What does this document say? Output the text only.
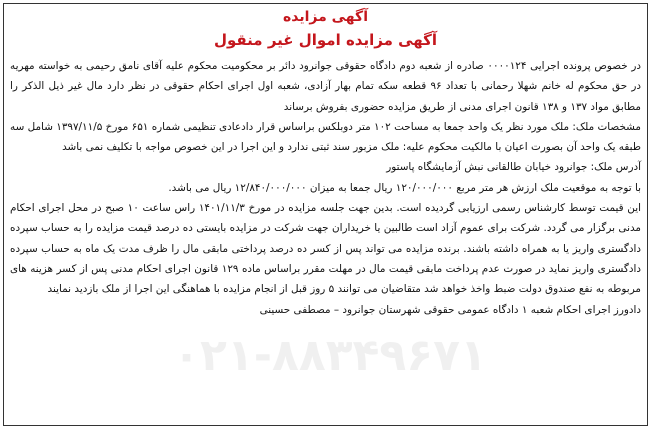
۰۲۱-۸۸۳۴۹۶۷۱
آگهی مزایده
آگهی مزایده اموال غیر منقول

در خصوص پرونده اجرایی ۰۰۰۰۱۲۴ صادره از شعبه دوم دادگاه حقوقی جوانرود دائر بر محکومیت محکوم علیه آقای نامق رحیمی به خواسته مهریه در حق محکوم له خانم شهلا رحمانی با تعداد ۹۶ قطعه سکه تمام بهار آزادی، شعبه اول اجرای احکام حقوقی در نظر دارد مال غیر ذیل الذکر را مطابق مواد ۱۳۷ و ۱۳۸ قانون اجرای مدنی از طریق مزایده حضوری بفروش برساند

مشخصات ملک: ملک مورد نظر یک واحد جمعا به مساحت ۱۰۲ متر دوبلکس براساس قرار دادعادی تنظیمی شماره ۶۵۱ مورخ ۱۳۹۷/۱۱/۵ شامل سه طبقه یک واحد آن بصورت اعیان با مالکیت محکوم علیه: ملک مزبور سند ثبتی ندارد و این اجرا در این خصوص مواجه با تکلیف نمی باشد

آدرس ملک: جوانرود خیابان طالقانی نبش آزمایشگاه پاستور

با توجه به موقعیت ملک ارزش هر متر مربع ۱۲۰/۰۰۰/۰۰۰ ریال جمعا به میزان ۱۲/۸۴۰/۰۰۰/۰۰۰ ریال می باشد.

این قیمت توسط کارشناس رسمی ارزیابی گردیده است. بدین جهت جلسه مزایده در مورخ ۱۴۰۱/۱۱/۳ راس ساعت ۱۰ صبح در محل اجرای احکام مدنی برگزار می گردد. شرکت برای عموم آزاد است طالبین یا خریداران جهت شرکت در مزایده بایستی ده درصد قیمت مزایده را به حساب سپرده دادگستری واریز یا به همراه داشته باشند. برنده مزایده می تواند پس از کسر ده درصد پرداختی مابقی مال را ظرف مدت یک ماه به حساب سپرده دادگستری واریز نماید در صورت عدم پرداخت مابقی قیمت مال در مهلت مقرر براساس ماده ۱۲۹ قانون اجرای احکام مدنی پس از کسر هزینه های مربوطه به نفع صندوق دولت ضبط واخذ خواهد شد متقاضیان می توانند ۵ روز قبل از انجام مزایده با هماهنگی این اجرا از ملک بازدید نمایند

دادورز اجرای احکام شعبه ۱ دادگاه عمومی حقوقی شهرستان جوانرود – مصطفی حسینی
